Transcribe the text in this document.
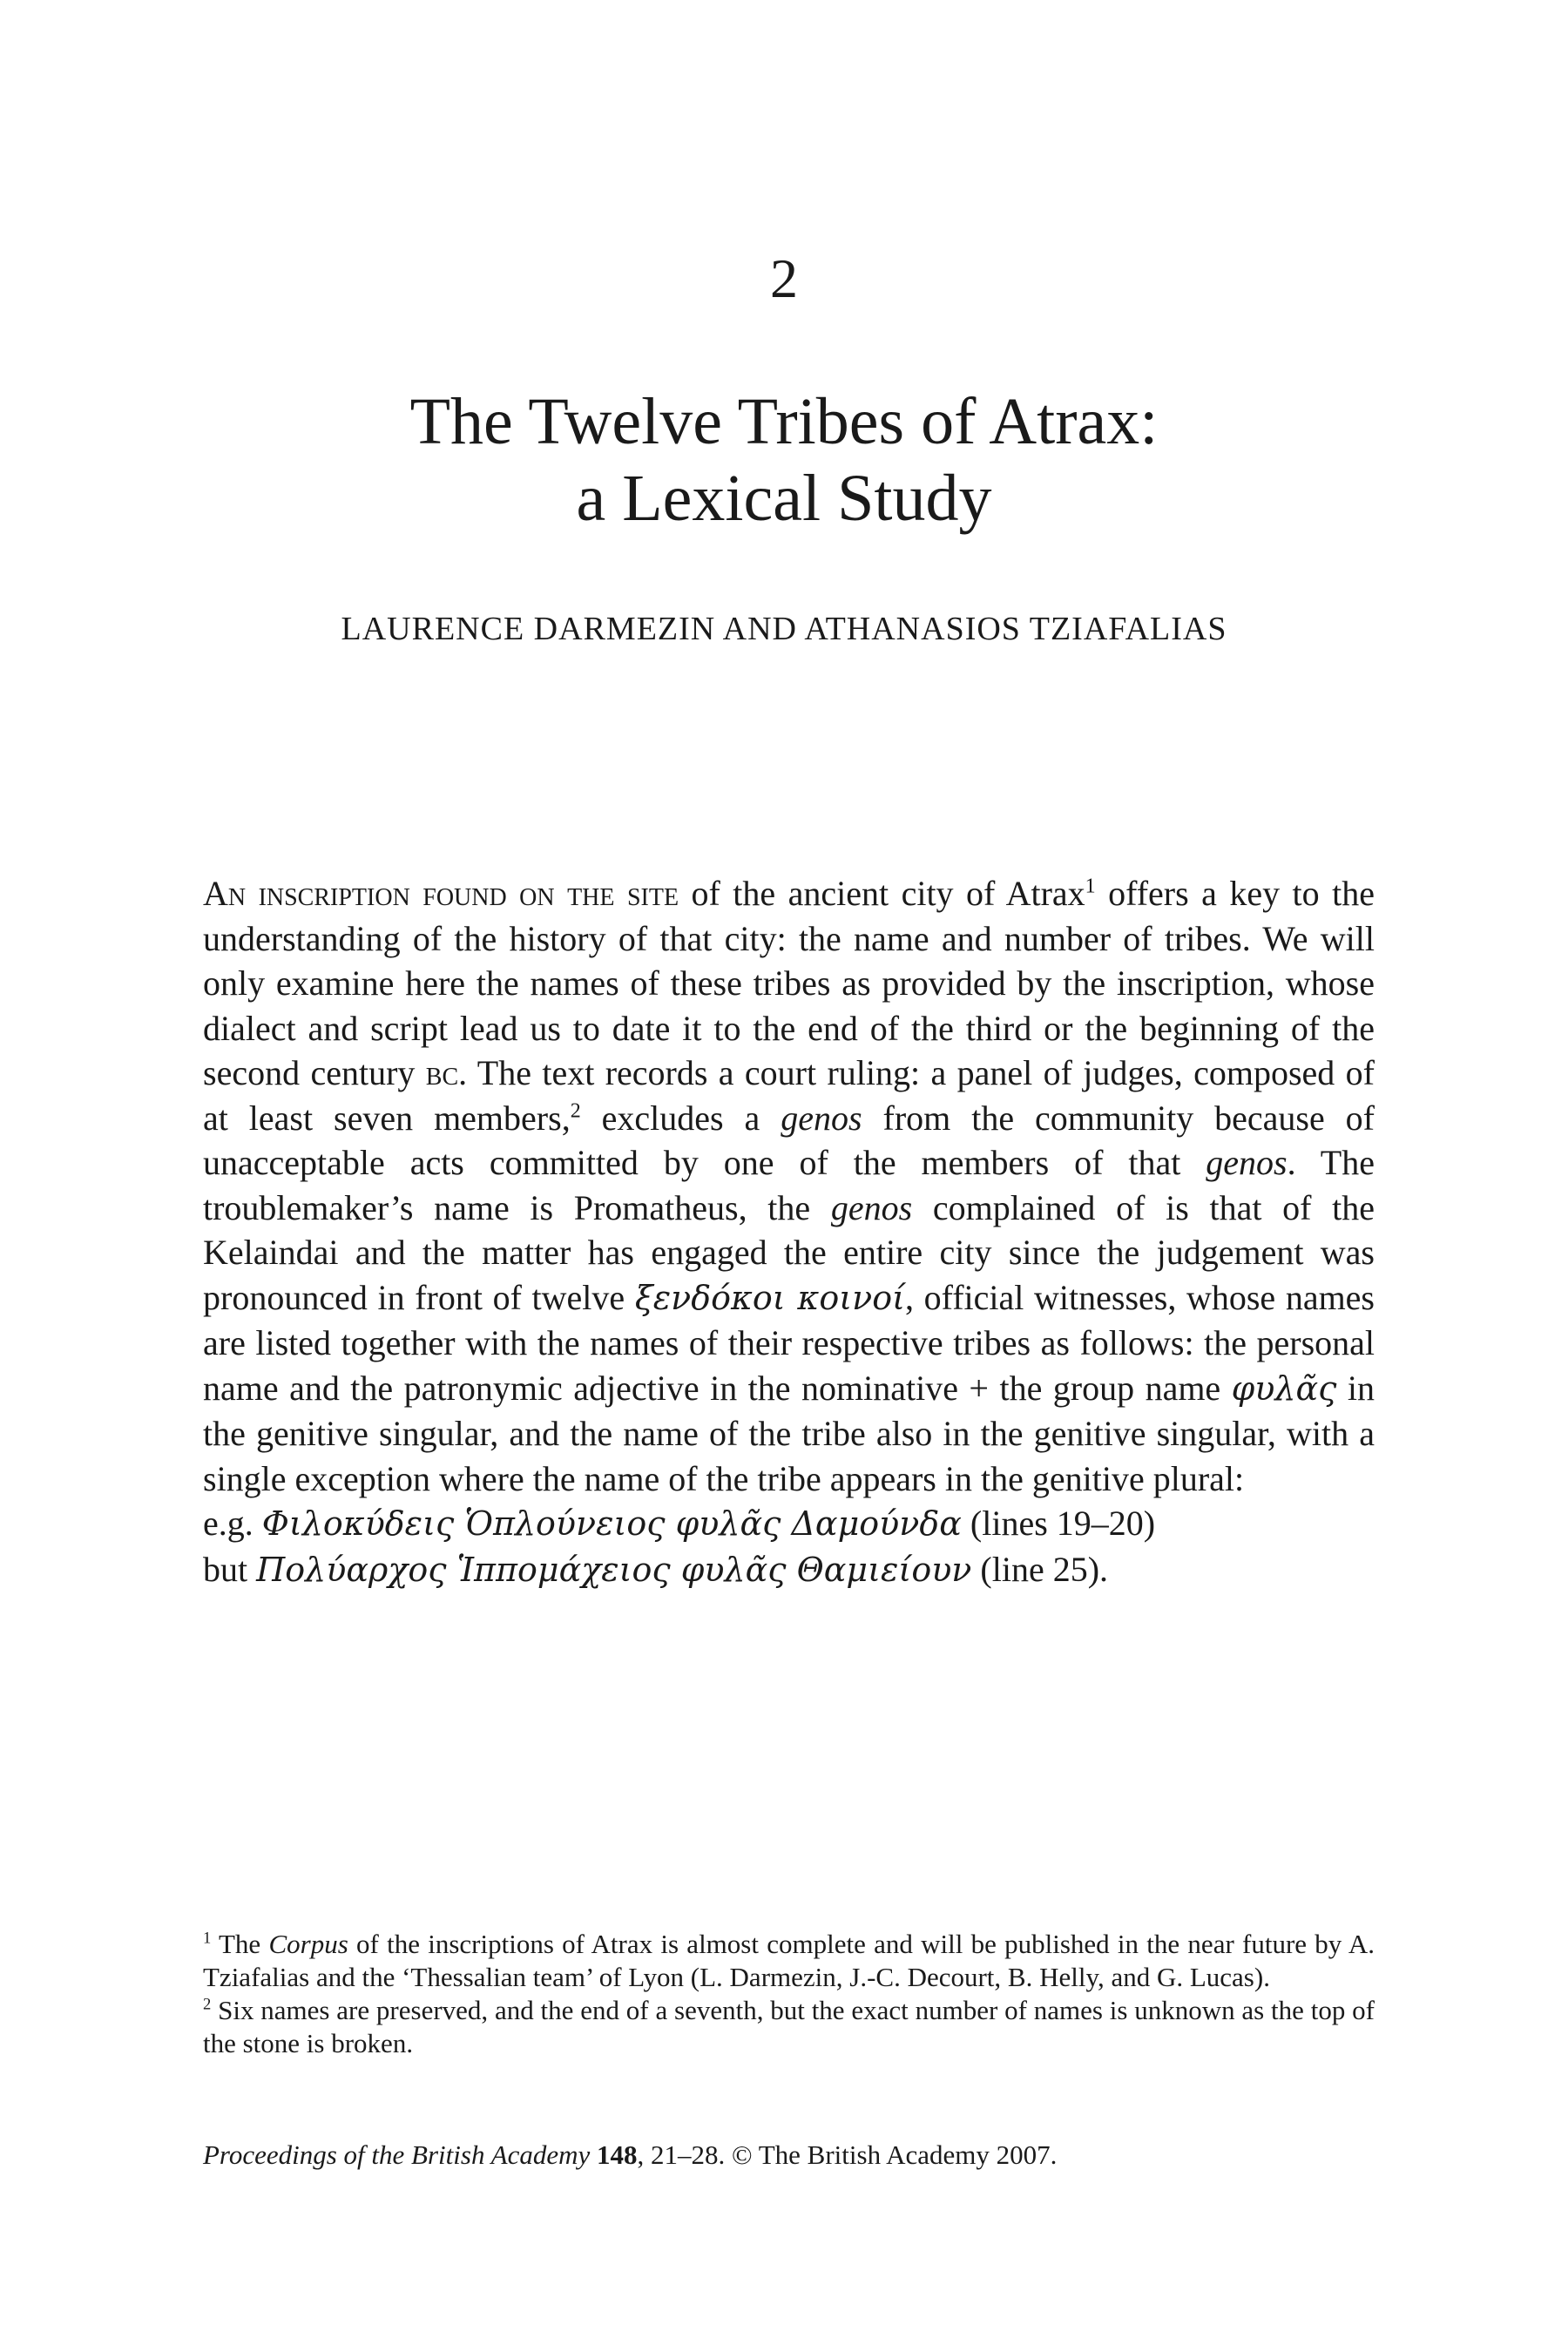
2
The Twelve Tribes of Atrax:
a Lexical Study
LAURENCE DARMEZIN AND ATHANASIOS TZIAFALIAS

An inscription found on the site of the ancient city of Atrax$^1$ offers a key to the understanding of the history of that city: the name and number of tribes. We will only examine here the names of these tribes as provided by the inscription, whose dialect and script lead us to date it to the end of the third or the beginning of the second century bc. The text records a court ruling: a panel of judges, composed of at least seven members,$^2$ excludes a genos from the community because of unacceptable acts committed by one of the members of that genos. The troublemaker’s name is Promatheus, the genos complained of is that of the Kelaindai and the matter has engaged the entire city since the judgement was pronounced in front of twelve ξενδόκοι κοινοί, official witnesses, whose names are listed together with the names of their respective tribes as follows: the personal name and the patronymic adjective in the nominative + the group name φυλᾶς in the genitive singular, and the name of the tribe also in the genitive singular, with a single exception where the name of the tribe appears in the genitive plural:

e.g. Φιλοκύδεις Ὁπλούνειος φυλᾶς Δαμούνδα (lines 19–20)

but Πολύαρχος Ἱππομάχειος φυλᾶς Θαμιείουν (line 25).

$^1$ The Corpus of the inscriptions of Atrax is almost complete and will be published in the near future by A. Tziafalias and the ‘Thessalian team’ of Lyon (L. Darmezin, J.-C. Decourt, B. Helly, and G. Lucas).

$^2$ Six names are preserved, and the end of a seventh, but the exact number of names is unknown as the top of the stone is broken.

Proceedings of the British Academy 148, 21–28. © The British Academy 2007.
